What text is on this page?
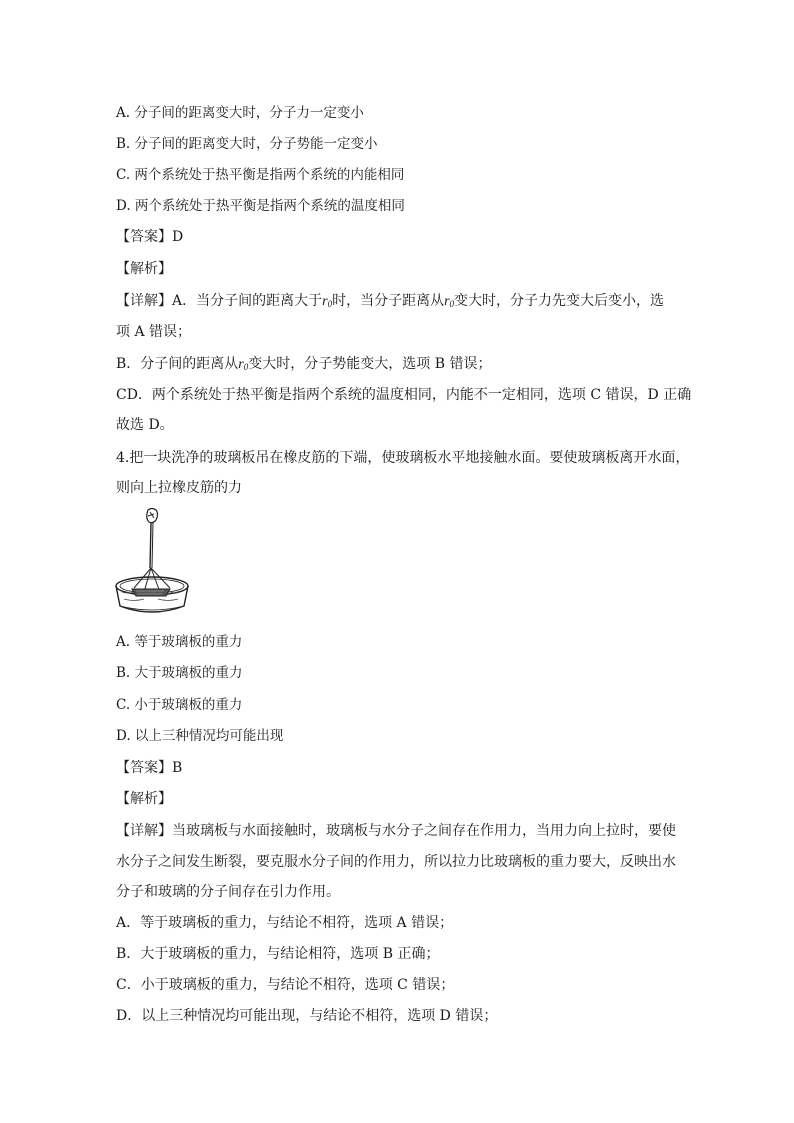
A. 分子间的距离变大时，分子力一定变小
B. 分子间的距离变大时，分子势能一定变小
C. 两个系统处于热平衡是指两个系统的内能相同
D. 两个系统处于热平衡是指两个系统的温度相同
【答案】D
【解析】
【详解】A．当分子间的距离大于$r_0$时，当分子距离从$r_0$变大时，分子力先变大后变小，选
项 A 错误；
B．分子间的距离从$r_0$变大时，分子势能变大，选项 B 错误；
CD．两个系统处于热平衡是指两个系统的温度相同，内能不一定相同，选项 C 错误，D 正确
故选 D。
4.把一块洗净的玻璃板吊在橡皮筋的下端，使玻璃板水平地接触水面。要使玻璃板离开水面，
则向上拉橡皮筋的力
A. 等于玻璃板的重力
B. 大于玻璃板的重力
C. 小于玻璃板的重力
D. 以上三种情况均可能出现
【答案】B
【解析】
【详解】当玻璃板与水面接触时，玻璃板与水分子之间存在作用力，当用力向上拉时，要使
水分子之间发生断裂，要克服水分子间的作用力，所以拉力比玻璃板的重力要大，反映出水
分子和玻璃的分子间存在引力作用。
A．等于玻璃板的重力，与结论不相符，选项 A 错误；
B．大于玻璃板的重力，与结论相符，选项 B 正确；
C．小于玻璃板的重力，与结论不相符，选项 C 错误；
D．以上三种情况均可能出现，与结论不相符，选项 D 错误；
